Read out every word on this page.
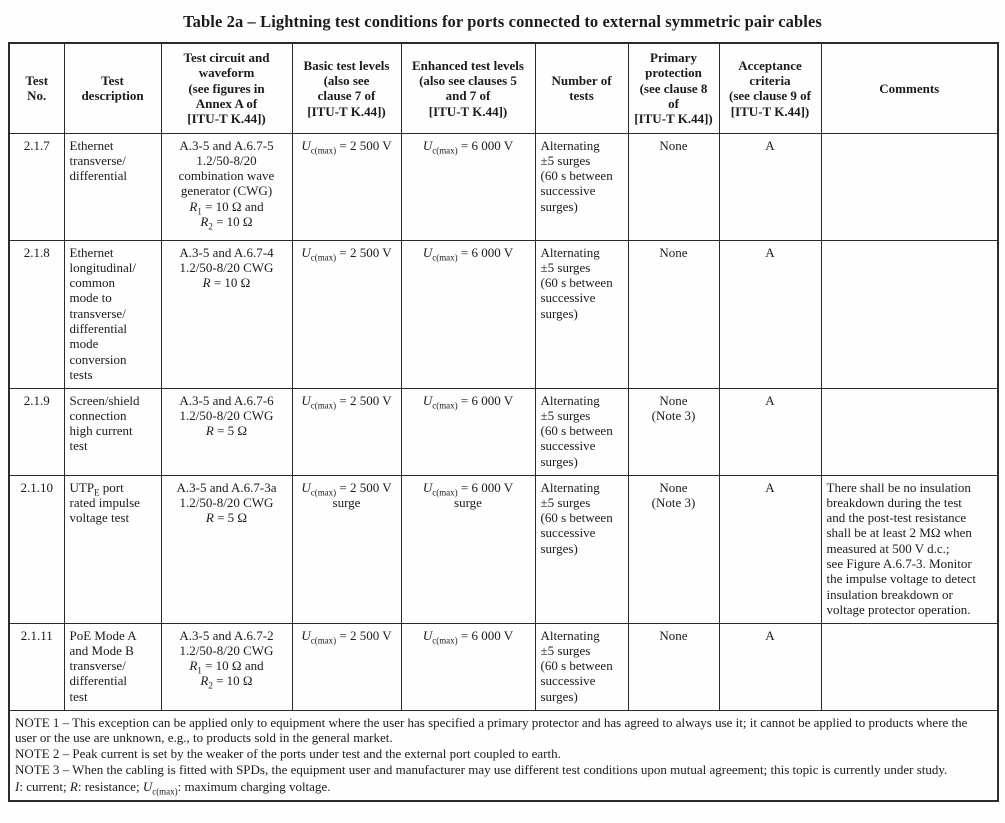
Table 2a – Lightning test conditions for ports connected to external symmetric pair cables
Test
No.	Test
description	Test circuit and
waveform
(see figures in
Annex A of
[ITU-T K.44])	Basic test levels
(also see
clause 7 of
[ITU-T K.44])	Enhanced test levels
(also see clauses 5
and 7 of
[ITU-T K.44])	Number of
tests	Primary
protection
(see clause 8
of
[ITU-T K.44])	Acceptance
criteria
(see clause 9 of
[ITU-T K.44])	Comments
2.1.7	Ethernet
transverse/
differential	A.3-5 and A.6.7-5
1.2/50-8/20
combination wave
generator (CWG)
$R_1 = 10$ Ω and
$R_2 = 10$ Ω	$U_{c(max)} = 2$ 500 V	$U_{c(max)} = 6$ 000 V	Alternating
±5 surges
(60 s between
successive
surges)	None	A	
2.1.8	Ethernet
longitudinal/
common
mode to
transverse/
differential
mode
conversion
tests	A.3-5 and A.6.7-4
1.2/50-8/20 CWG
R = 10 Ω	$U_{c(max)} = 2$ 500 V	$U_{c(max)} = 6$ 000 V	Alternating
±5 surges
(60 s between
successive
surges)	None	A	
2.1.9	Screen/shield
connection
high current
test	A.3-5 and A.6.7-6
1.2/50-8/20 CWG
R = 5 Ω	$U_{c(max)} = 2$ 500 V	$U_{c(max)} = 6$ 000 V	Alternating
±5 surges
(60 s between
successive
surges)	None
(Note 3)	A	
2.1.10	$UTP_E$ port
rated impulse
voltage test	A.3-5 and A.6.7-3a
1.2/50-8/20 CWG
R = 5 Ω	$U_{c(max)} = 2$ 500 V
surge	$U_{c(max)} = 6$ 000 V
surge	Alternating
±5 surges
(60 s between
successive
surges)	None
(Note 3)	A	There shall be no insulation
breakdown during the test
and the post-test resistance
shall be at least 2 MΩ when
measured at 500 V d.c.;
see Figure A.6.7-3. Monitor
the impulse voltage to detect
insulation breakdown or
voltage protector operation.
2.1.11	PoE Mode A
and Mode B
transverse/
differential
test	A.3-5 and A.6.7-2
1.2/50-8/20 CWG
$R_1 = 10$ Ω and
$R_2 = 10$ Ω	$U_{c(max)} = 2$ 500 V	$U_{c(max)} = 6$ 000 V	Alternating
±5 surges
(60 s between
successive
surges)	None	A	

NOTE 1 – This exception can be applied only to equipment where the user has specified a primary protector and has agreed to always use it; it cannot be applied to products where the user or the use are unknown, e.g., to products sold in the general market.
NOTE 2 – Peak current is set by the weaker of the ports under test and the external port coupled to earth.
NOTE 3 – When the cabling is fitted with SPDs, the equipment user and manufacturer may use different test conditions upon mutual agreement; this topic is currently under study.
I: current; R: resistance; $U_{c(max)}$: maximum charging voltage.								
